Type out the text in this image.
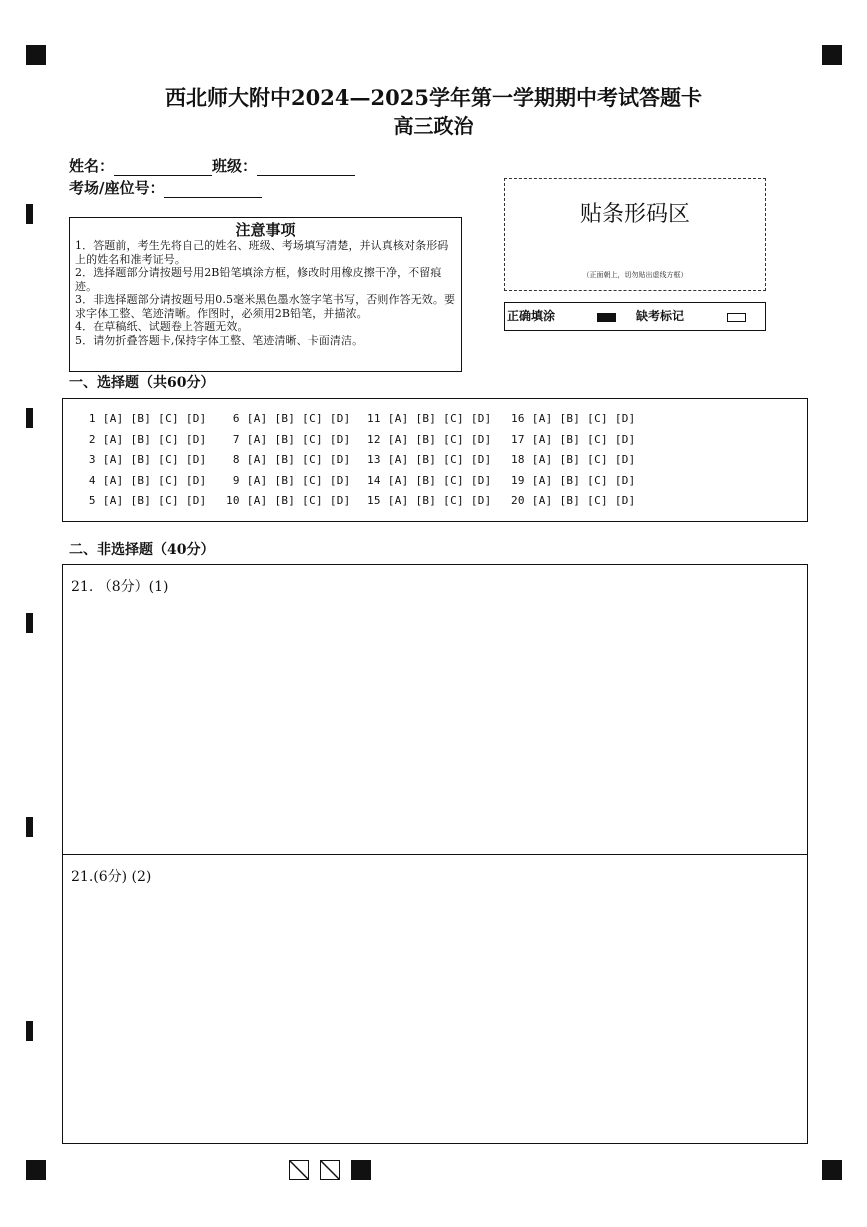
西北师大附中2024—2025学年第一学期期中考试答题卡
高三政治
姓名：	班级：
考场/座位号：
注意事项

1．答题前，考生先将自己的姓名、班级、考场填写清楚，并认真核对条形码上的姓名和准考证号。

2．选择题部分请按题号用2B铅笔填涂方框，修改时用橡皮擦干净，不留痕迹。

3．非选择题部分请按题号用0.5毫米黑色墨水签字笔书写，否则作答无效。要求字体工整、笔迹清晰。作图时，必须用2B铅笔，并描浓。

4．在草稿纸、试题卷上答题无效。

5．请勿折叠答题卡,保持字体工整、笔迹清晰、卡面清洁。

贴条形码区
（正面朝上，切勿贴出虚线方框）
正确填涂	缺考标记
一、选择题（共60分）
1 [A] [B] [C] [D]
2 [A] [B] [C] [D]
3 [A] [B] [C] [D]
4 [A] [B] [C] [D]
5 [A] [B] [C] [D]
6 [A] [B] [C] [D]
7 [A] [B] [C] [D]
8 [A] [B] [C] [D]
9 [A] [B] [C] [D]
10 [A] [B] [C] [D]
11 [A] [B] [C] [D]
12 [A] [B] [C] [D]
13 [A] [B] [C] [D]
14 [A] [B] [C] [D]
15 [A] [B] [C] [D]
16 [A] [B] [C] [D]
17 [A] [B] [C] [D]
18 [A] [B] [C] [D]
19 [A] [B] [C] [D]
20 [A] [B] [C] [D]
二、非选择题（40分）
21. （8分）(1)
21.(6分) (2)
